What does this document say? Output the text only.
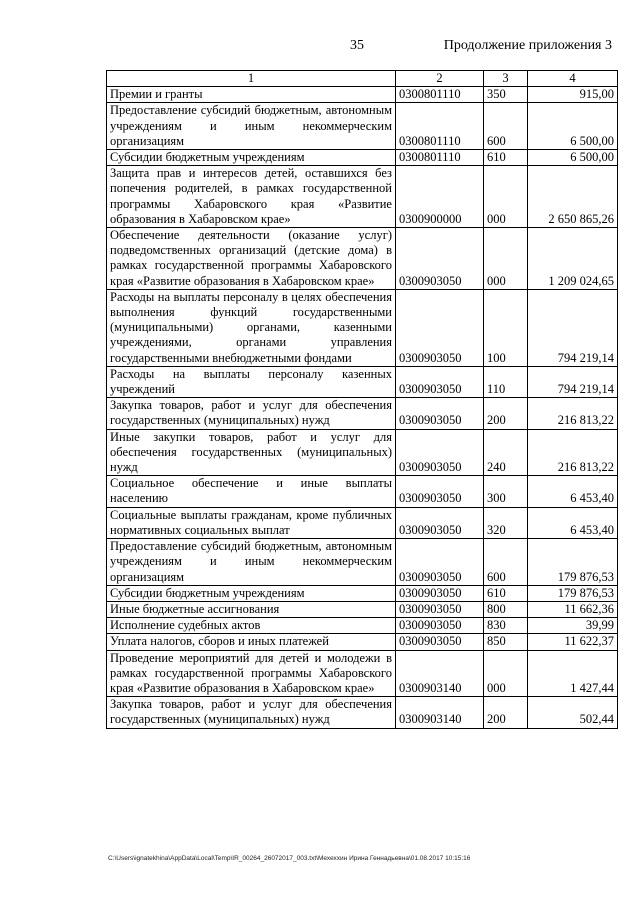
35	Продолжение приложения 3
1	2	3	4
Премии и гранты	0300801110	350	915,00
Предоставление субсидий бюджетным, автономным учреждениям и иным некоммерческим организациям	0300801110	600	6 500,00
Субсидии бюджетным учреждениям	0300801110	610	6 500,00
Защита прав и интересов детей, оставшихся без попечения родителей, в рамках государственной программы Хабаровского края «Развитие образования в Хабаровском крае»	0300900000	000	2 650 865,26
Обеспечение деятельности (оказание услуг) подведомственных организаций (детские дома) в рамках государственной программы Хабаровского края «Развитие образования в Хабаровском крае»	0300903050	000	1 209 024,65
Расходы на выплаты персоналу в целях обеспечения выполнения функций государственными (муниципальными) органами, казенными учреждениями, органами управления государственными внебюджетными фондами	0300903050	100	794 219,14
Расходы на выплаты персоналу казенных учреждений	0300903050	110	794 219,14
Закупка товаров, работ и услуг для обеспечения государственных (муниципальных) нужд	0300903050	200	216 813,22
Иные закупки товаров, работ и услуг для обеспечения государственных (муниципальных) нужд	0300903050	240	216 813,22
Социальное обеспечение и иные выплаты населению	0300903050	300	6 453,40
Социальные выплаты гражданам, кроме публичных нормативных социальных выплат	0300903050	320	6 453,40
Предоставление субсидий бюджетным, автономным учреждениям и иным некоммерческим организациям	0300903050	600	179 876,53
Субсидии бюджетным учреждениям	0300903050	610	179 876,53
Иные бюджетные ассигнования	0300903050	800	11 662,36
Исполнение судебных актов	0300903050	830	39,99
Уплата налогов, сборов и иных платежей	0300903050	850	11 622,37
Проведение мероприятий для детей и молодежи в рамках государственной программы Хабаровского края «Развитие образования в Хабаровском крае»	0300903140	000	1 427,44
Закупка товаров, работ и услуг для обеспечения государственных (муниципальных) нужд	0300903140	200	502,44
C:\Users\ignatekhina\AppData\Local\Temp\IR_00264_26072017_003.txt\Мехеххин Ирина Геннадьевна\01.08.2017 10:15:16
